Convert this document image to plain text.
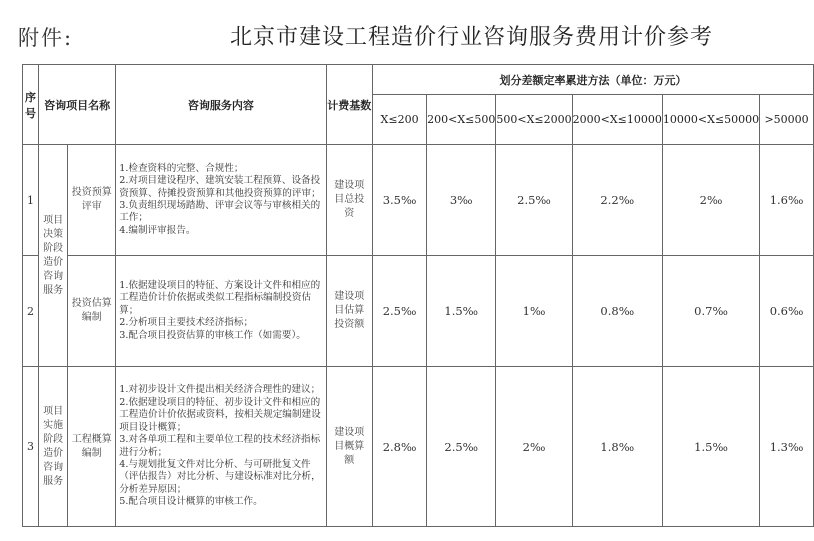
附件:	北京市建设工程造价行业咨询服务费用计价参考
序号	咨询项目名称		咨询服务内容	计费基数	划分差额定率累进方法（单位：万元）					
					X≤200	200<X≤500	500<X≤2000	2000<X≤10000	10000<X≤50000	>50000
1	项目决策阶段造价咨询服务	投资预算评审	1.检查资料的完整、合规性；
2.对项目建设程序、建筑安装工程预算、设备投资预算、待摊投资预算和其他投资预算的评审；
3.负责组织现场踏勘、评审会议等与审核相关的工作；
4.编制评审报告。	建设项目总投资	3.5‰	3‰	2.5‰	2.2‰	2‰	1.6‰
2		投资估算编制	1.依据建设项目的特征、方案设计文件和相应的工程造价计价依据或类似工程指标编制投资估算；
2.分析项目主要技术经济指标；
3.配合项目投资估算的审核工作（如需要）。	建设项目估算投资额	2.5‰	1.5‰	1‰	0.8‰	0.7‰	0.6‰
3	项目实施阶段造价咨询服务	工程概算编制	1.对初步设计文件提出相关经济合理性的建议；
2.依据建设项目的特征、初步设计文件和相应的工程造价计价依据或资料，按相关规定编制建设项目设计概算；
3.对各单项工程和主要单位工程的技术经济指标进行分析；
4.与规划批复文件对比分析、与可研批复文件（评估报告）对比分析、与建设标准对比分析，分析差异原因；
5.配合项目设计概算的审核工作。	建设项目概算额	2.8‰	2.5‰	2‰	1.8‰	1.5‰	1.3‰
